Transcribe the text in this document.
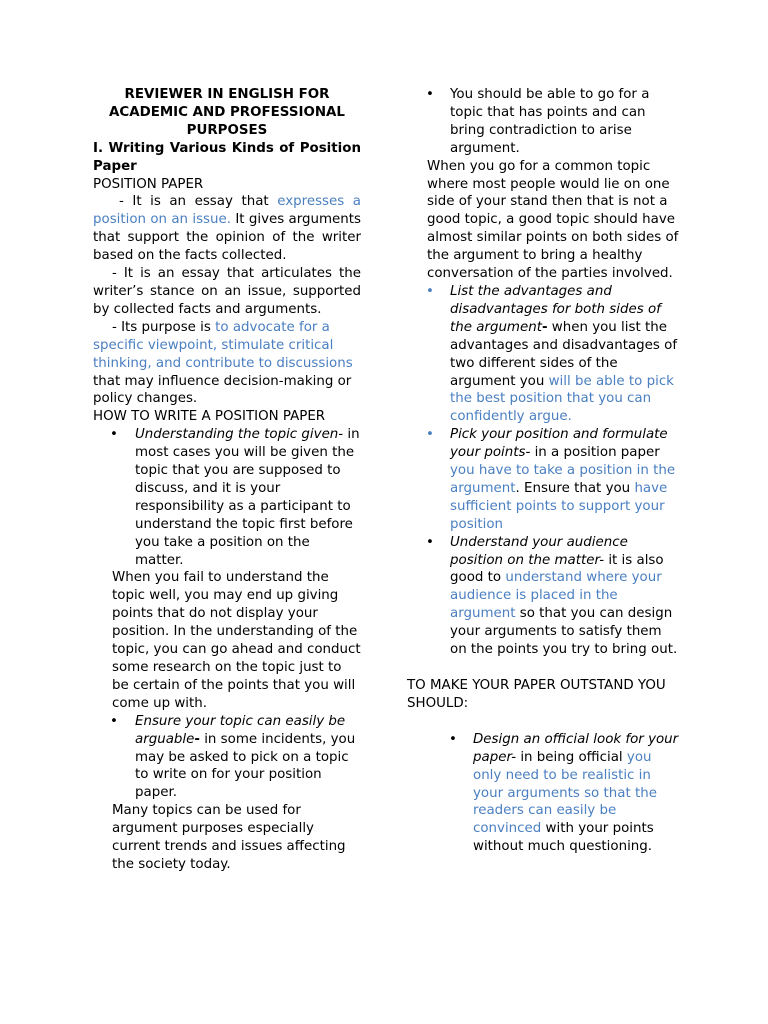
REVIEWER IN ENGLISH FOR ACADEMIC AND PROFESSIONAL PURPOSES

I. Writing Various Kinds of Position Paper

POSITION PAPER

- It is an essay that expresses a position on an issue. It gives arguments that support the opinion of the writer based on the facts collected.

- It is an essay that articulates the writer’s stance on an issue, supported by collected facts and arguments.

- Its purpose is to advocate for a specific viewpoint, stimulate critical thinking, and contribute to discussions that may influence decision-making or policy changes.

HOW TO WRITE A POSITION PAPER

• Understanding the topic given- in most cases you will be given the topic that you are supposed to discuss, and it is your responsibility as a participant to understand the topic first before you take a position on the matter.

When you fail to understand the topic well, you may end up giving points that do not display your position. In the understanding of the topic, you can go ahead and conduct some research on the topic just to be certain of the points that you will come up with.

• Ensure your topic can easily be arguable- in some incidents, you may be asked to pick on a topic to write on for your position paper.

Many topics can be used for argument purposes especially current trends and issues affecting the society today.

• You should be able to go for a topic that has points and can bring contradiction to arise argument.

When you go for a common topic where most people would lie on one side of your stand then that is not a good topic, a good topic should have almost similar points on both sides of the argument to bring a healthy conversation of the parties involved.

• List the advantages and disadvantages for both sides of the argument- when you list the advantages and disadvantages of two different sides of the argument you will be able to pick the best position that you can confidently argue.
• Pick your position and formulate your points- in a position paper you have to take a position in the argument. Ensure that you have sufficient points to support your position
• Understand your audience position on the matter- it is also good to understand where your audience is placed in the argument so that you can design your arguments to satisfy them on the points you try to bring out.

TO MAKE YOUR PAPER OUTSTAND YOU SHOULD:

• Design an official look for your paper- in being official you only need to be realistic in your arguments so that the readers can easily be convinced with your points without much questioning.
